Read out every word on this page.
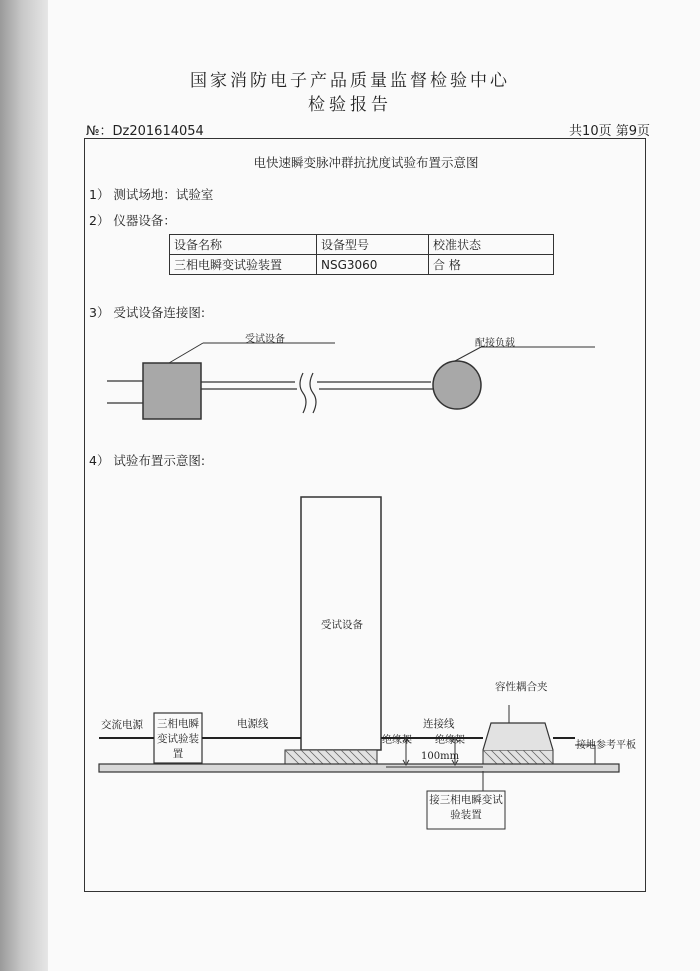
国家消防电子产品质量监督检验中心
检验报告
№：Dz201614054	共10页 第9页
电快速瞬变脉冲群抗扰度试验布置示意图
1） 测试场地：试验室
2） 仪器设备：
设备名称	设备型号	校准状态
三相电瞬变试验装置	NSG3060	合 格
3） 受试设备连接图:
受试设备	配接负载
4） 试验布置示意图:
受试设备
容性耦合夹
交流电源 三相电瞬变试验装置
电源线	连接线
绝缘架 绝缘架
100mm
接地参考平板
接三相电瞬变试验装置
